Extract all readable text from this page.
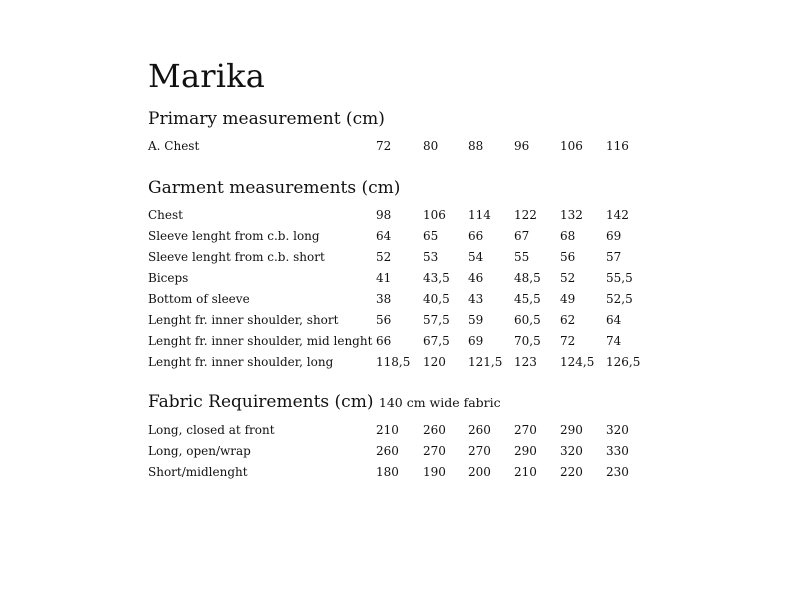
Marika
Primary measurement (cm)
A. Chest	72	80 88	96	106 116
Garment measurements (cm)
Chest	98	106 114 122 132 142
Sleeve lenght from c.b. long	64	65 66	67	68	69
Sleeve lenght from c.b. short	52	53 54	55	56	57
Biceps	41	43,5 46	48,5 52	55,5
Bottom of sleeve	38	40,5 43	45,5 49	52,5
Lenght fr. inner shoulder, short	56	57,5 59	60,5 62	64
Lenght fr. inner shoulder, mid lenght 66	67,5 69	70,5 72	74
Lenght fr. inner shoulder, long	118,5 120 121,5 123 124,5 126,5
Fabric Requirements (cm) 140 cm wide fabric
Long, closed at front	210 260 260 270 290 320
Long, open/wrap	260 270 270 290 320 330
Short/midlenght	180 190 200 210 220 230
